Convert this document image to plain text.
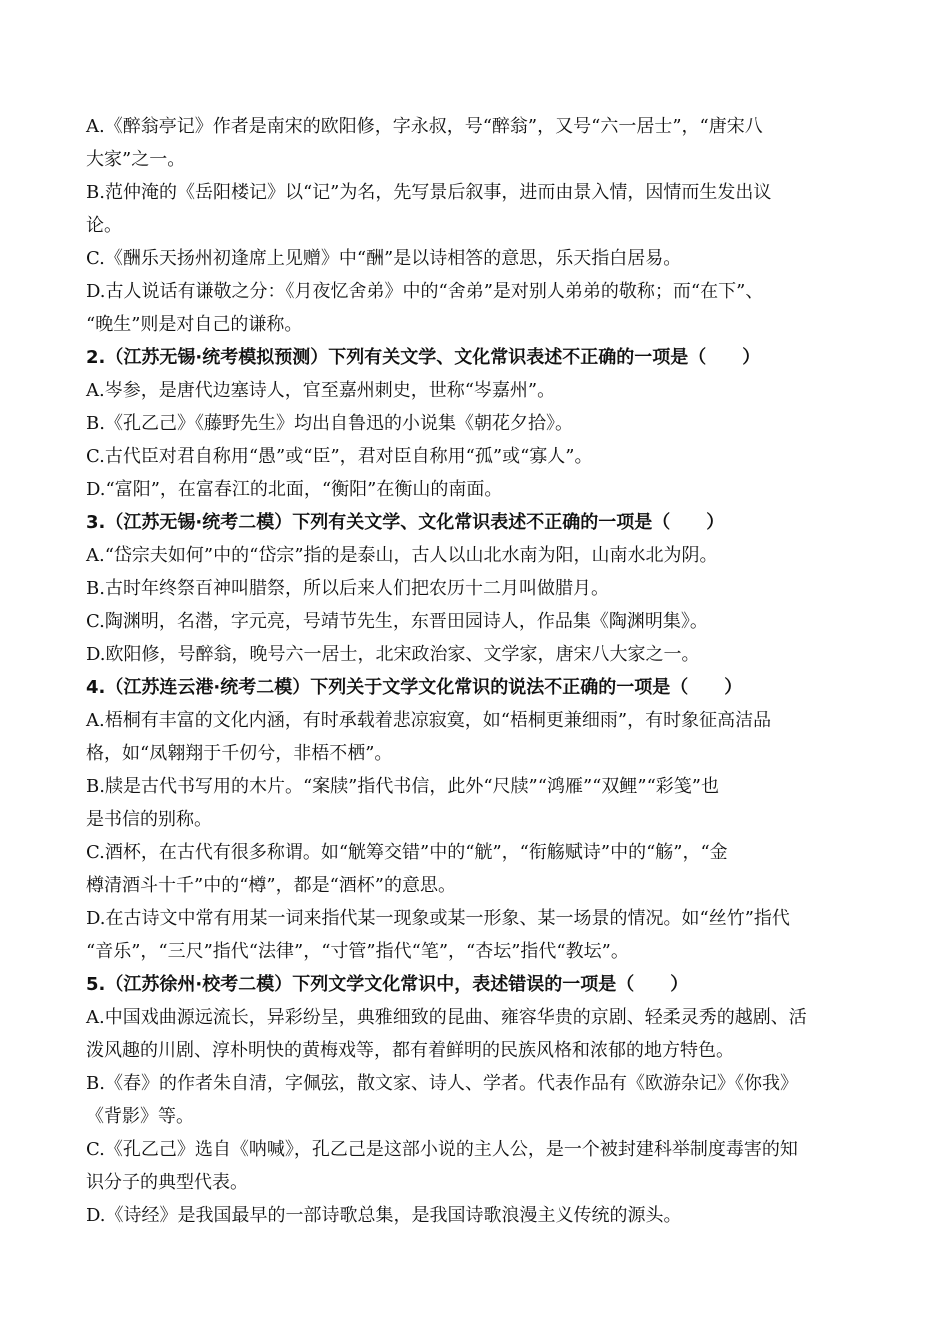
A.《醉翁亭记》作者是南宋的欧阳修，字永叔，号“醉翁”，又号“六一居士”，“唐宋八
大家”之一。
B.范仲淹的《岳阳楼记》以“记”为名，先写景后叙事，进而由景入情，因情而生发出议
论。
C.《酬乐天扬州初逢席上见赠》中“酬”是以诗相答的意思，乐天指白居易。
D.古人说话有谦敬之分：《月夜忆舍弟》中的“舍弟”是对别人弟弟的敬称；而“在下”、
“晚生”则是对自己的谦称。
2.（江苏无锡·统考模拟预测）下列有关文学、文化常识表述不正确的一项是（　　）
A.岑参，是唐代边塞诗人，官至嘉州刺史，世称“岑嘉州”。
B.《孔乙己》《藤野先生》均出自鲁迅的小说集《朝花夕拾》。
C.古代臣对君自称用“愚”或“臣”，君对臣自称用“孤”或“寡人”。
D.“富阳”，在富春江的北面，“衡阳”在衡山的南面。
3.（江苏无锡·统考二模）下列有关文学、文化常识表述不正确的一项是（　　）
A.“岱宗夫如何”中的“岱宗”指的是泰山，古人以山北水南为阳，山南水北为阴。
B.古时年终祭百神叫腊祭，所以后来人们把农历十二月叫做腊月。
C.陶渊明，名潜，字元亮，号靖节先生，东晋田园诗人，作品集《陶渊明集》。
D.欧阳修，号醉翁，晚号六一居士，北宋政治家、文学家，唐宋八大家之一。
4.（江苏连云港·统考二模）下列关于文学文化常识的说法不正确的一项是（　　）
A.梧桐有丰富的文化内涵，有时承载着悲凉寂寞，如“梧桐更兼细雨”，有时象征高洁品
格，如“凤翱翔于千仞兮，非梧不栖”。
B.牍是古代书写用的木片。“案牍”指代书信，此外“尺牍”“鸿雁”“双鲤”“彩笺”也
是书信的别称。
C.酒杯，在古代有很多称谓。如“觥筹交错”中的“觥”，“衔觞赋诗”中的“觞”，“金
樽清酒斗十千”中的“樽”，都是“酒杯”的意思。
D.在古诗文中常有用某一词来指代某一现象或某一形象、某一场景的情况。如“丝竹”指代
“音乐”，“三尺”指代“法律”，“寸管”指代“笔”，“杏坛”指代“教坛”。
5.（江苏徐州·校考二模）下列文学文化常识中，表述错误的一项是（　　）
A.中国戏曲源远流长，异彩纷呈，典雅细致的昆曲、雍容华贵的京剧、轻柔灵秀的越剧、活
泼风趣的川剧、淳朴明快的黄梅戏等，都有着鲜明的民族风格和浓郁的地方特色。
B.《春》的作者朱自清，字佩弦，散文家、诗人、学者。代表作品有《欧游杂记》《你我》
《背影》等。
C.《孔乙己》选自《呐喊》，孔乙己是这部小说的主人公，是一个被封建科举制度毒害的知
识分子的典型代表。
D.《诗经》是我国最早的一部诗歌总集，是我国诗歌浪漫主义传统的源头。
